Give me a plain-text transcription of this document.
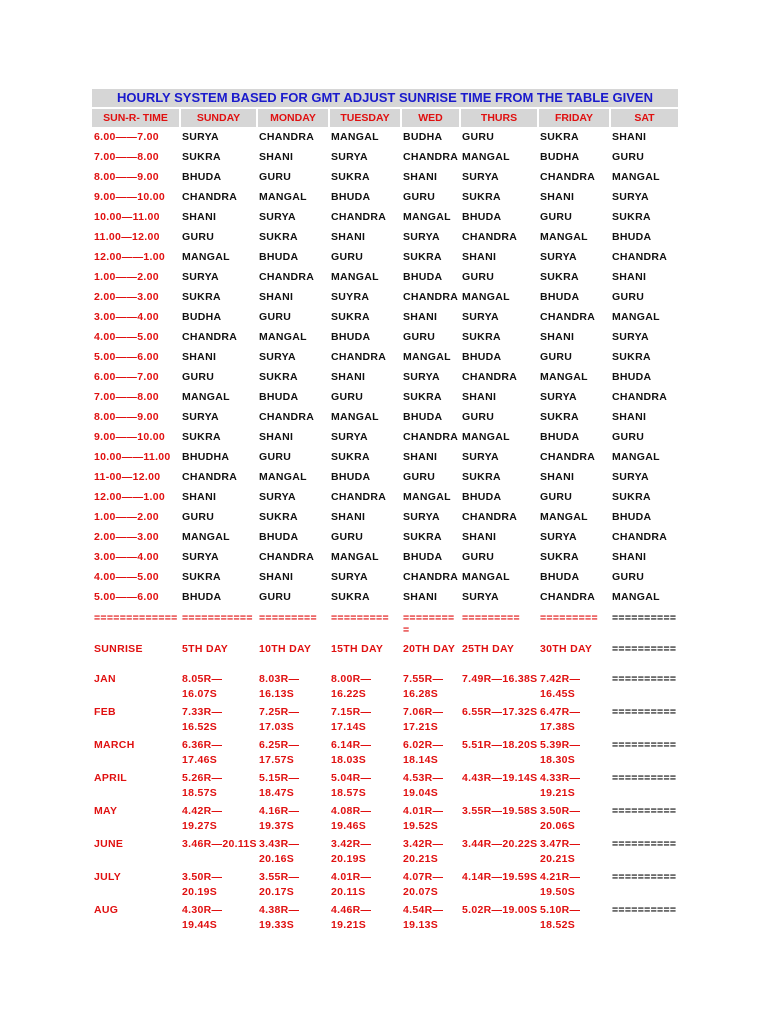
HOURLY SYSTEM BASED FOR GMT ADJUST SUNRISE TIME FROM THE TABLE GIVEN
SUN-R- TIME	SUNDAY	MONDAY	TUESDAY	WED	THURS	FRIDAY	SAT
6.00——7.00	SURYA	CHANDRA	MANGAL	BUDHA	GURU	SUKRA	SHANI
7.00——8.00	SUKRA	SHANI	SURYA	CHANDRA	MANGAL	BUDHA	GURU
8.00——9.00	BHUDA	GURU	SUKRA	SHANI	SURYA	CHANDRA	MANGAL
9.00——10.00	CHANDRA	MANGAL	BHUDA	GURU	SUKRA	SHANI	SURYA
10.00—11.00	SHANI	SURYA	CHANDRA	MANGAL	BHUDA	GURU	SUKRA
11.00—12.00	GURU	SUKRA	SHANI	SURYA	CHANDRA	MANGAL	BHUDA
12.00——1.00	MANGAL	BHUDA	GURU	SUKRA	SHANI	SURYA	CHANDRA
1.00——2.00	SURYA	CHANDRA	MANGAL	BHUDA	GURU	SUKRA	SHANI
2.00——3.00	SUKRA	SHANI	SUYRA	CHANDRA	MANGAL	BHUDA	GURU
3.00——4.00	BUDHA	GURU	SUKRA	SHANI	SURYA	CHANDRA	MANGAL
4.00——5.00	CHANDRA	MANGAL	BHUDA	GURU	SUKRA	SHANI	SURYA
5.00——6.00	SHANI	SURYA	CHANDRA	MANGAL	BHUDA	GURU	SUKRA
6.00——7.00	GURU	SUKRA	SHANI	SURYA	CHANDRA	MANGAL	BHUDA
7.00——8.00	MANGAL	BHUDA	GURU	SUKRA	SHANI	SURYA	CHANDRA
8.00——9.00	SURYA	CHANDRA	MANGAL	BHUDA	GURU	SUKRA	SHANI
9.00——10.00	SUKRA	SHANI	SURYA	CHANDRA	MANGAL	BHUDA	GURU
10.00——11.00	BHUDHA	GURU	SUKRA	SHANI	SURYA	CHANDRA	MANGAL
11-00—12.00	CHANDRA	MANGAL	BHUDA	GURU	SUKRA	SHANI	SURYA
12.00——1.00	SHANI	SURYA	CHANDRA	MANGAL	BHUDA	GURU	SUKRA
1.00——2.00	GURU	SUKRA	SHANI	SURYA	CHANDRA	MANGAL	BHUDA
2.00——3.00	MANGAL	BHUDA	GURU	SUKRA	SHANI	SURYA	CHANDRA
3.00——4.00	SURYA	CHANDRA	MANGAL	BHUDA	GURU	SUKRA	SHANI
4.00——5.00	SUKRA	SHANI	SURYA	CHANDRA	MANGAL	BHUDA	GURU
5.00——6.00	BHUDA	GURU	SUKRA	SHANI	SURYA	CHANDRA	MANGAL
=============	===========	=========	=========	=========	=========	=========	==========
SUNRISE	5TH DAY	10TH DAY	15TH DAY	20TH DAY	25TH DAY	30TH DAY	==========
JAN	8.05R—16.07S	8.03R—16.13S	8.00R—16.22S	7.55R—16.28S	7.49R—16.38S	7.42R—16.45S	==========
FEB	7.33R—16.52S	7.25R—17.03S	7.15R—17.14S	7.06R—17.21S	6.55R—17.32S	6.47R—17.38S	==========
MARCH	6.36R—17.46S	6.25R—17.57S	6.14R—18.03S	6.02R—18.14S	5.51R—18.20S	5.39R—18.30S	==========
APRIL	5.26R—18.57S	5.15R—18.47S	5.04R—18.57S	4.53R—19.04S	4.43R—19.14S	4.33R—19.21S	==========
MAY	4.42R—19.27S	4.16R—19.37S	4.08R—19.46S	4.01R—19.52S	3.55R—19.58S	3.50R—20.06S	==========
JUNE	3.46R—20.11S	3.43R—20.16S	3.42R—20.19S	3.42R—20.21S	3.44R—20.22S	3.47R—20.21S	==========
JULY	3.50R—20.19S	3.55R—20.17S	4.01R—20.11S	4.07R—20.07S	4.14R—19.59S	4.21R—19.50S	==========
AUG	4.30R—19.44S	4.38R—19.33S	4.46R—19.21S	4.54R—19.13S	5.02R—19.00S	5.10R—18.52S	==========
